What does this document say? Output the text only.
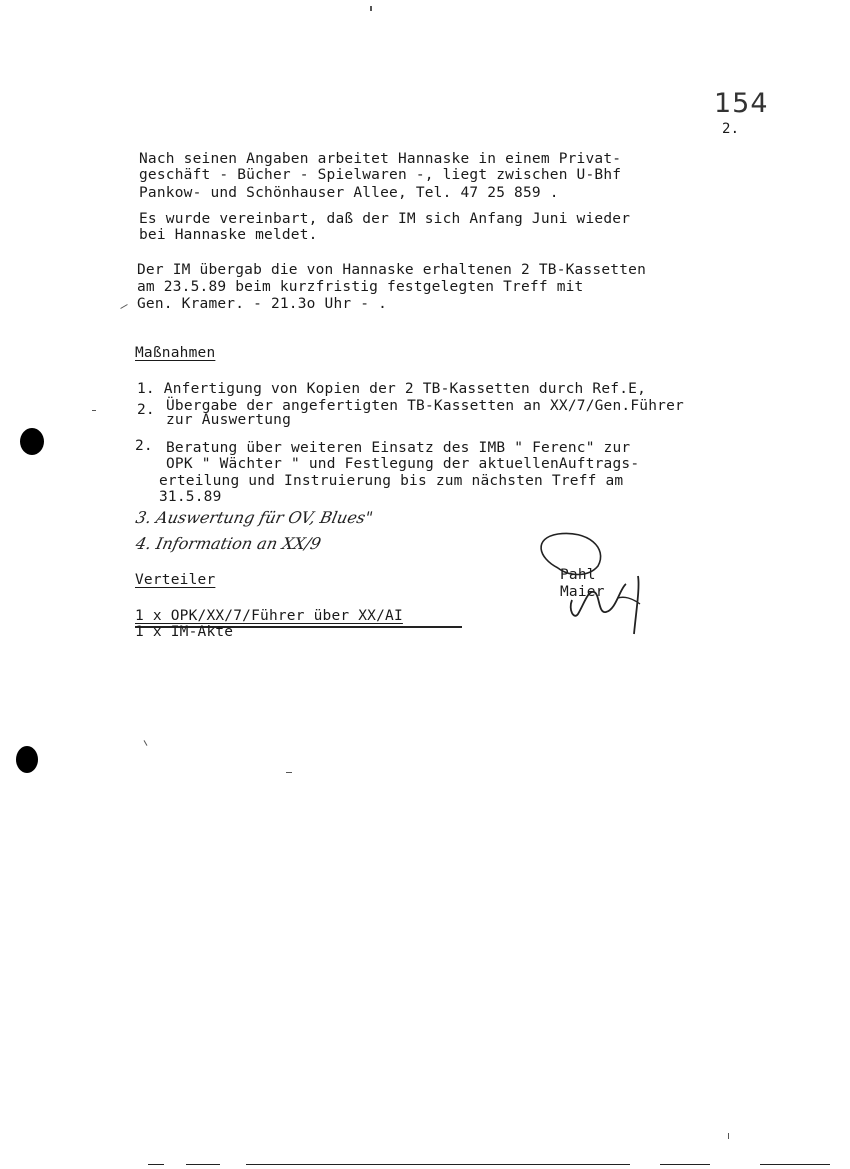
154
2.
Nach seinen Angaben arbeitet Hannaske in einem Privat-
geschäft - Bücher - Spielwaren -, liegt zwischen U-Bhf
Pankow- und Schönhauser Allee, Tel. 47 25 859 .
Es wurde vereinbart, daß der IM sich Anfang Juni wieder
bei Hannaske meldet.
Der IM übergab die von Hannaske erhaltenen 2 TB-Kassetten
am 23.5.89 beim kurzfristig festgelegten Treff mit
Gen. Kramer. - 21.3o Uhr - .
Maßnahmen
1. Anfertigung von Kopien der 2 TB-Kassetten durch Ref.E,
2. Übergabe der angefertigten TB-Kassetten an XX/7/Gen.Führer
zur Auswertung
2. Beratung über weiteren Einsatz des IMB " Ferenc" zur
OPK " Wächter " und Festlegung der aktuellenAuftrags-
erteilung und Instruierung bis zum nächsten Treff am
31.5.89
3. Auswertung für OV, Blues"
4. Information an XX/9
Verteiler
1 x OPK/XX/7/Führer über XX/AI
1 x IM-Akte
Pahl
Maier
